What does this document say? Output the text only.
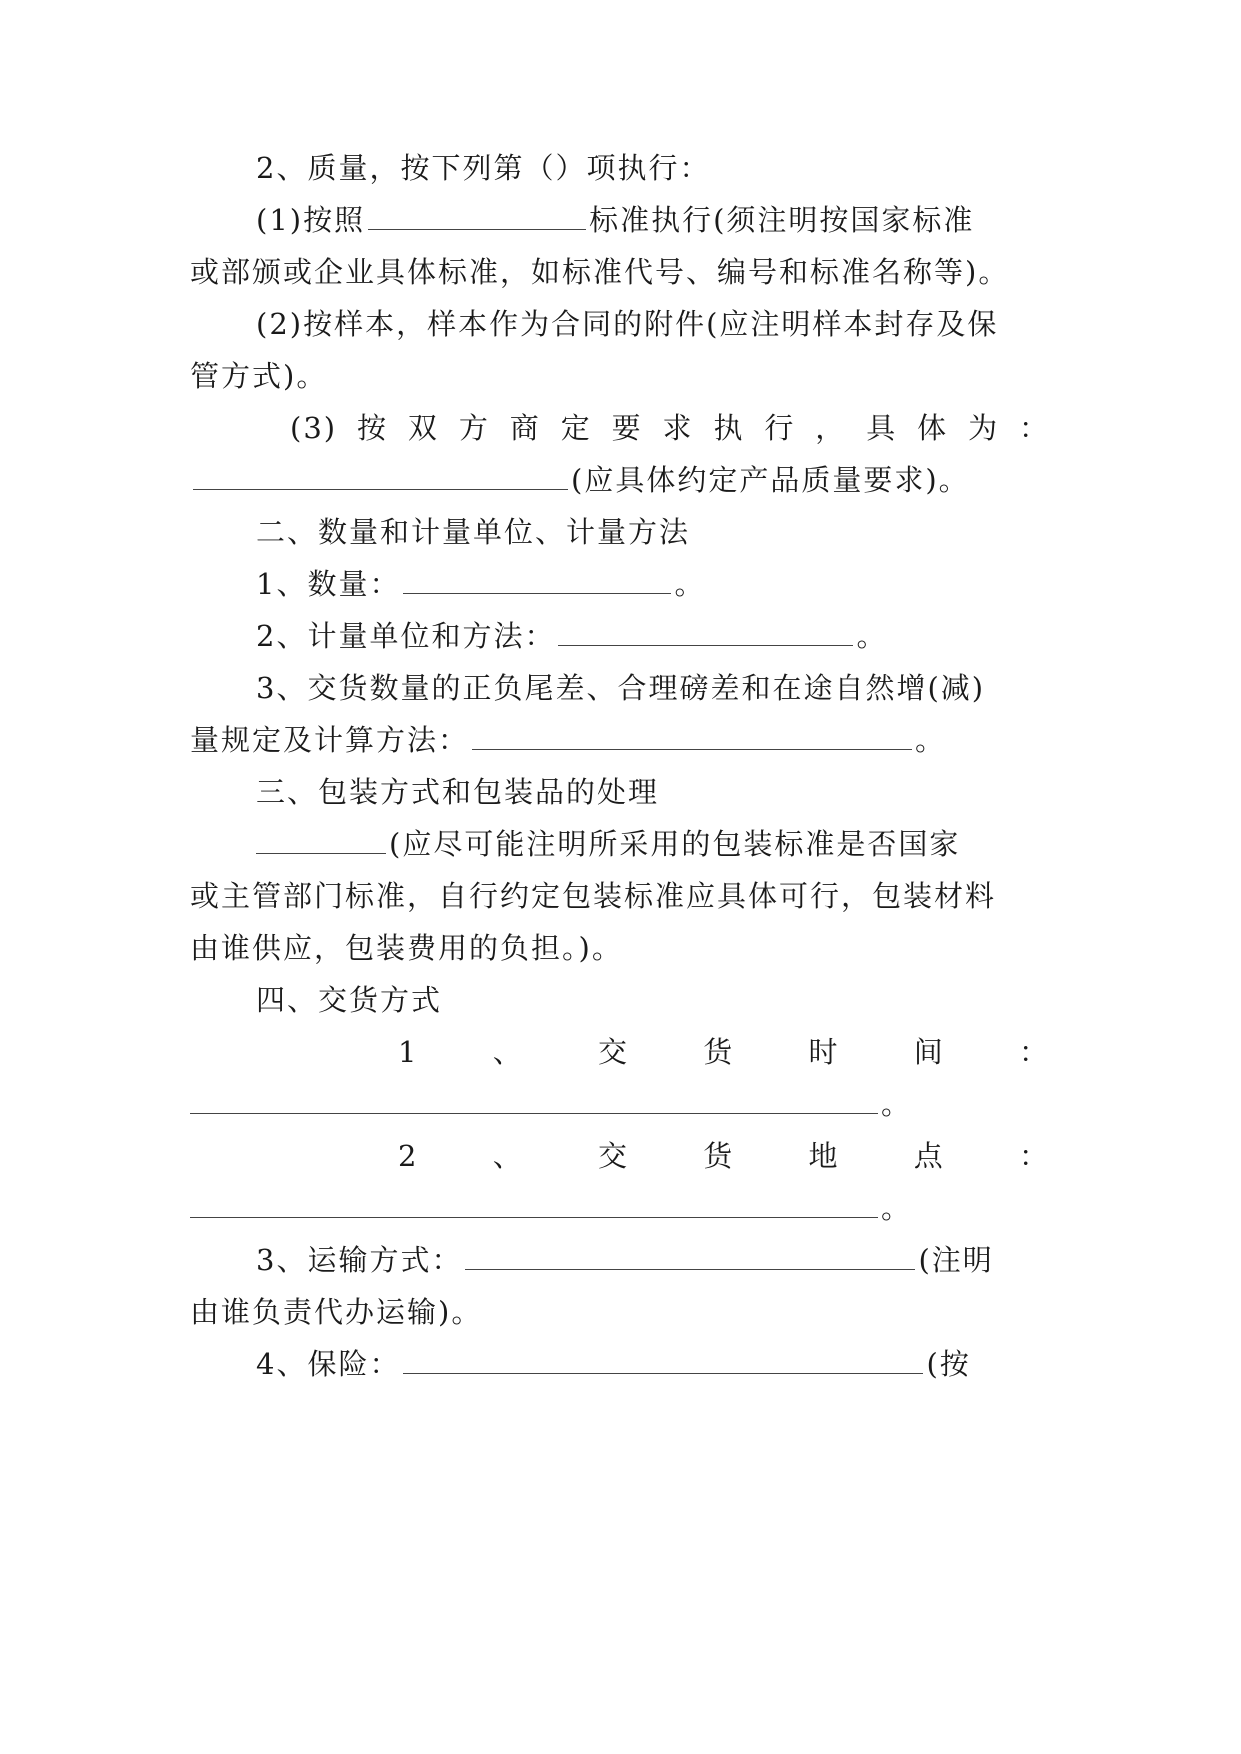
2、质量，按下列第（）项执行：
(1)按照	标准执行(须注明按国家标准
或部颁或企业具体标准，如标准代号、编号和标准名称等)。
(2)按样本，样本作为合同的附件(应注明样本封存及保
管方式)。
(3) 按 双 方 商 定 要 求 执 行 ， 具 体 为 ：
(应具体约定产品质量要求)。
二、数量和计量单位、计量方法
1、数量：	。
2、计量单位和方法：	。
3、交货数量的正负尾差、合理磅差和在途自然增(减)
量规定及计算方法：	。
三、包装方式和包装品的处理
(应尽可能注明所采用的包装标准是否国家
或主管部门标准，自行约定包装标准应具体可行，包装材料
由谁供应，包装费用的负担。)。
四、交货方式
1	、	交	货	时	间	：
。
2	、	交	货	地	点	：
。
3、运输方式：	(注明
由谁负责代办运输)。
4、保险：	(按
